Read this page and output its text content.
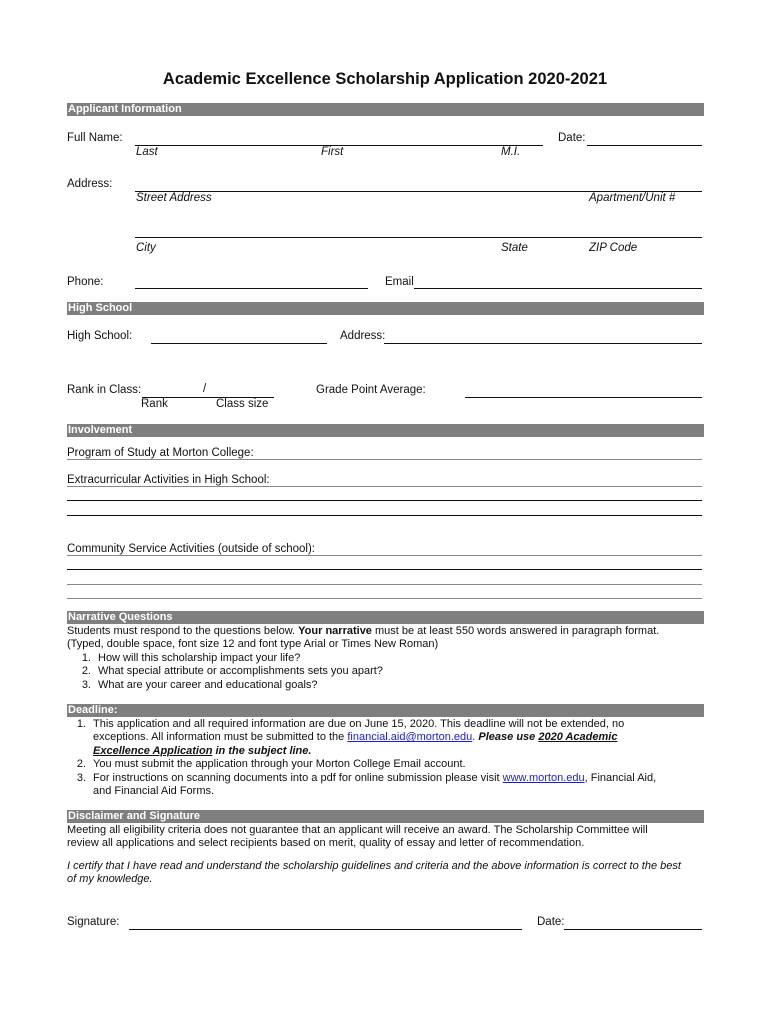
Academic Excellence Scholarship Application 2020-2021
Applicant Information
Full Name:	Date:
Last	First	M.I.
Address:
Street Address	Apartment/Unit #
City	State	ZIP Code
Phone:	Email
High School
High School:	Address:
Rank in Class:	/
Rank	Class size
Grade Point Average:
Involvement
Program of Study at Morton College:
Extracurricular Activities in High School:
Community Service Activities (outside of school):
Narrative Questions
Students must respond to the questions below. Your narrative must be at least 550 words answered in paragraph format.
(Typed, double space, font size 12 and font type Arial or Times New Roman)
1. How will this scholarship impact your life?
2. What special attribute or accomplishments sets you apart?
3. What are your career and educational goals?
Deadline:
1. This application and all required information are due on June 15, 2020. This deadline will not be extended, no
exceptions. All information must be submitted to the financial.aid@morton.edu. Please use 2020 Academic
Excellence Application in the subject line.
2. You must submit the application through your Morton College Email account.
3. For instructions on scanning documents into a pdf for online submission please visit www.morton.edu, Financial Aid,
and Financial Aid Forms.
Disclaimer and Signature
Meeting all eligibility criteria does not guarantee that an applicant will receive an award. The Scholarship Committee will
review all applications and select recipients based on merit, quality of essay and letter of recommendation.
I certify that I have read and understand the scholarship guidelines and criteria and the above information is correct to the best
of my knowledge.
Signature:	Date:
